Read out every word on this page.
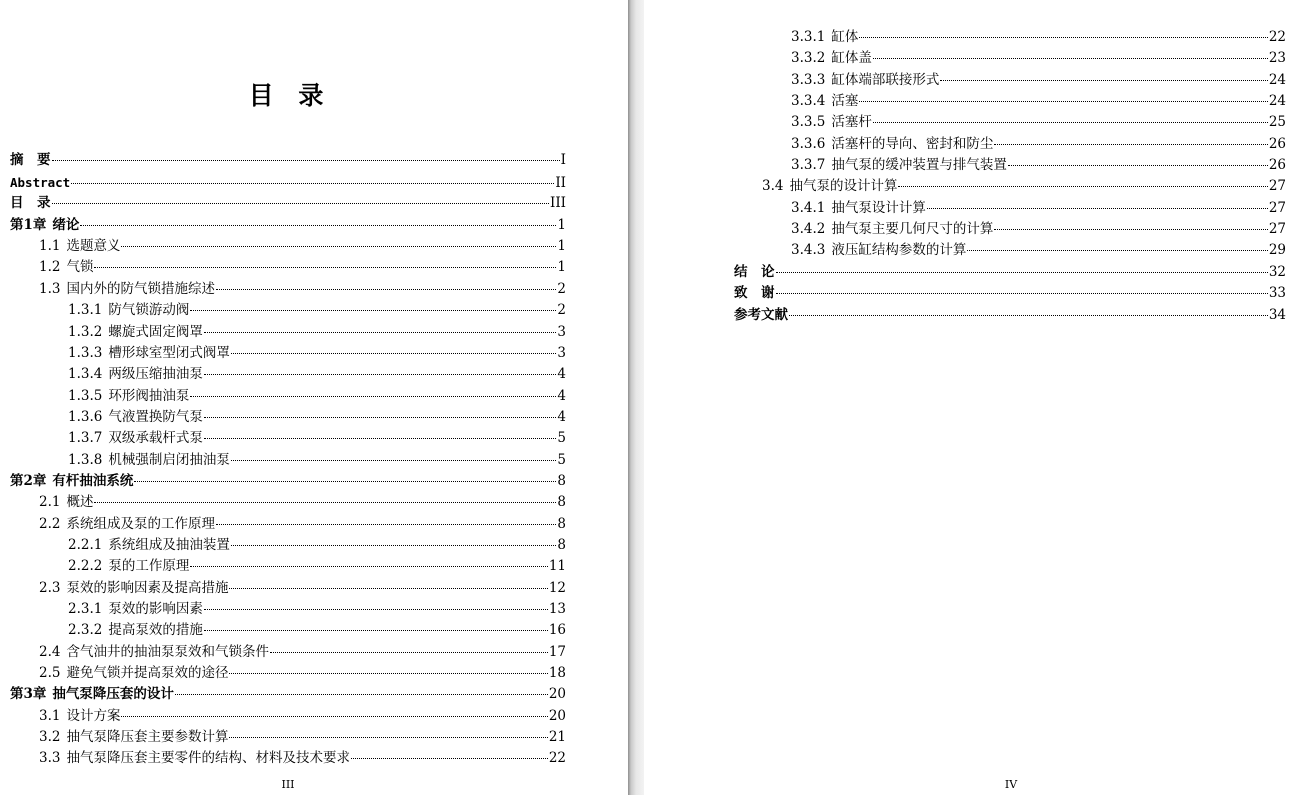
目 录
摘　要	I
Abstract	II
目　录	III
第1章 绪论	1
1.1 选题意义	1
1.2 气锁	1
1.3 国内外的防气锁措施综述	2
1.3.1 防气锁游动阀	2
1.3.2 螺旋式固定阀罩	3
1.3.3 槽形球室型闭式阀罩	3
1.3.4 两级压缩抽油泵	4
1.3.5 环形阀抽油泵	4
1.3.6 气液置换防气泵	4
1.3.7 双级承载杆式泵	5
1.3.8 机械强制启闭抽油泵	5
第2章 有杆抽油系统	8
2.1 概述	8
2.2 系统组成及泵的工作原理	8
2.2.1 系统组成及抽油装置	8
2.2.2 泵的工作原理	11
2.3 泵效的影响因素及提高措施	12
2.3.1 泵效的影响因素	13
2.3.2 提高泵效的措施	16
2.4 含气油井的抽油泵泵效和气锁条件	17
2.5 避免气锁并提高泵效的途径	18
第3章 抽气泵降压套的设计	20
3.1 设计方案	20
3.2 抽气泵降压套主要参数计算	21
3.3 抽气泵降压套主要零件的结构、材料及技术要求	22
III
3.3.1 缸体	22
3.3.2 缸体盖	23
3.3.3 缸体端部联接形式	24
3.3.4 活塞	24
3.3.5 活塞杆	25
3.3.6 活塞杆的导向、密封和防尘	26
3.3.7 抽气泵的缓冲装置与排气装置	26
3.4 抽气泵的设计计算	27
3.4.1 抽气泵设计计算	27
3.4.2 抽气泵主要几何尺寸的计算	27
3.4.3 液压缸结构参数的计算	29
结　论	32
致　谢	33
参考文献	34
IV
